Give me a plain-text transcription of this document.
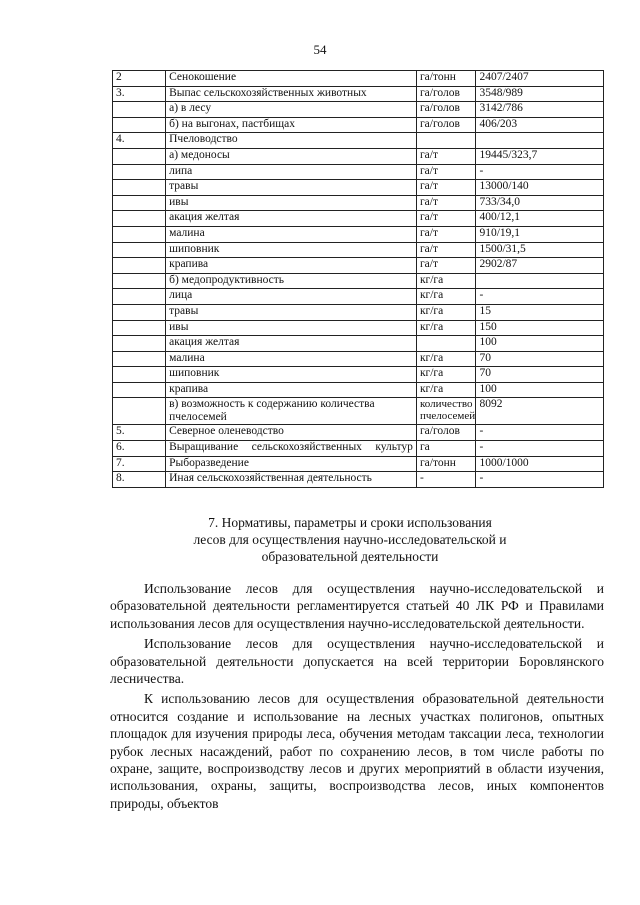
54
2	Сенокошение	га/тонн	2407/2407
3.	Выпас сельскохозяйственных животных	га/голов	3548/989
	а) в лесу	га/голов	3142/786
	б) на выгонах, пастбищах	га/голов	406/203
4.	Пчеловодство		
	а) медоносы	га/т	19445/323,7
	липа	га/т	-
	травы	га/т	13000/140
	ивы	га/т	733/34,0
	акация желтая	га/т	400/12,1
	малина	га/т	910/19,1
	шиповник	га/т	1500/31,5
	крапива	га/т	2902/87
	б) медопродуктивность	кг/га	
	лица	кг/га	-
	травы	кг/га	15
	ивы	кг/га	150
	акация желтая		100
	малина	кг/га	70
	шиповник	кг/га	70
	крапива	кг/га	100
	в) возможность к содержанию количества пчелосемей	количество пчелосемей	8092
5.	Северное оленеводство	га/голов	-
6.	Выращивание сельскохозяйственных культур	га	-
7.	Рыборазведение	га/тонн	1000/1000
8.	Иная сельскохозяйственная деятельность	-	-
7. Нормативы, параметры и сроки использования
лесов для осуществления научно-исследовательской и
образовательной деятельности

Использование лесов для осуществления научно-исследовательской и образовательной деятельности регламентируется статьей 40 ЛК РФ и Правилами использования лесов для осуществления научно-исследовательской деятельности.

Использование лесов для осуществления научно-исследовательской и образовательной деятельности допускается на всей территории Боровлянского лесничества.

К использованию лесов для осуществления образовательной деятельности относится создание и использование на лесных участках полигонов, опытных площадок для изучения природы леса, обучения методам таксации леса, технологии рубок лесных насаждений, работ по сохранению лесов, в том числе работы по охране, защите, воспроизводству лесов и других мероприятий в области изучения, использования, охраны, защиты, воспроизводства лесов, иных компонентов природы, объектов
